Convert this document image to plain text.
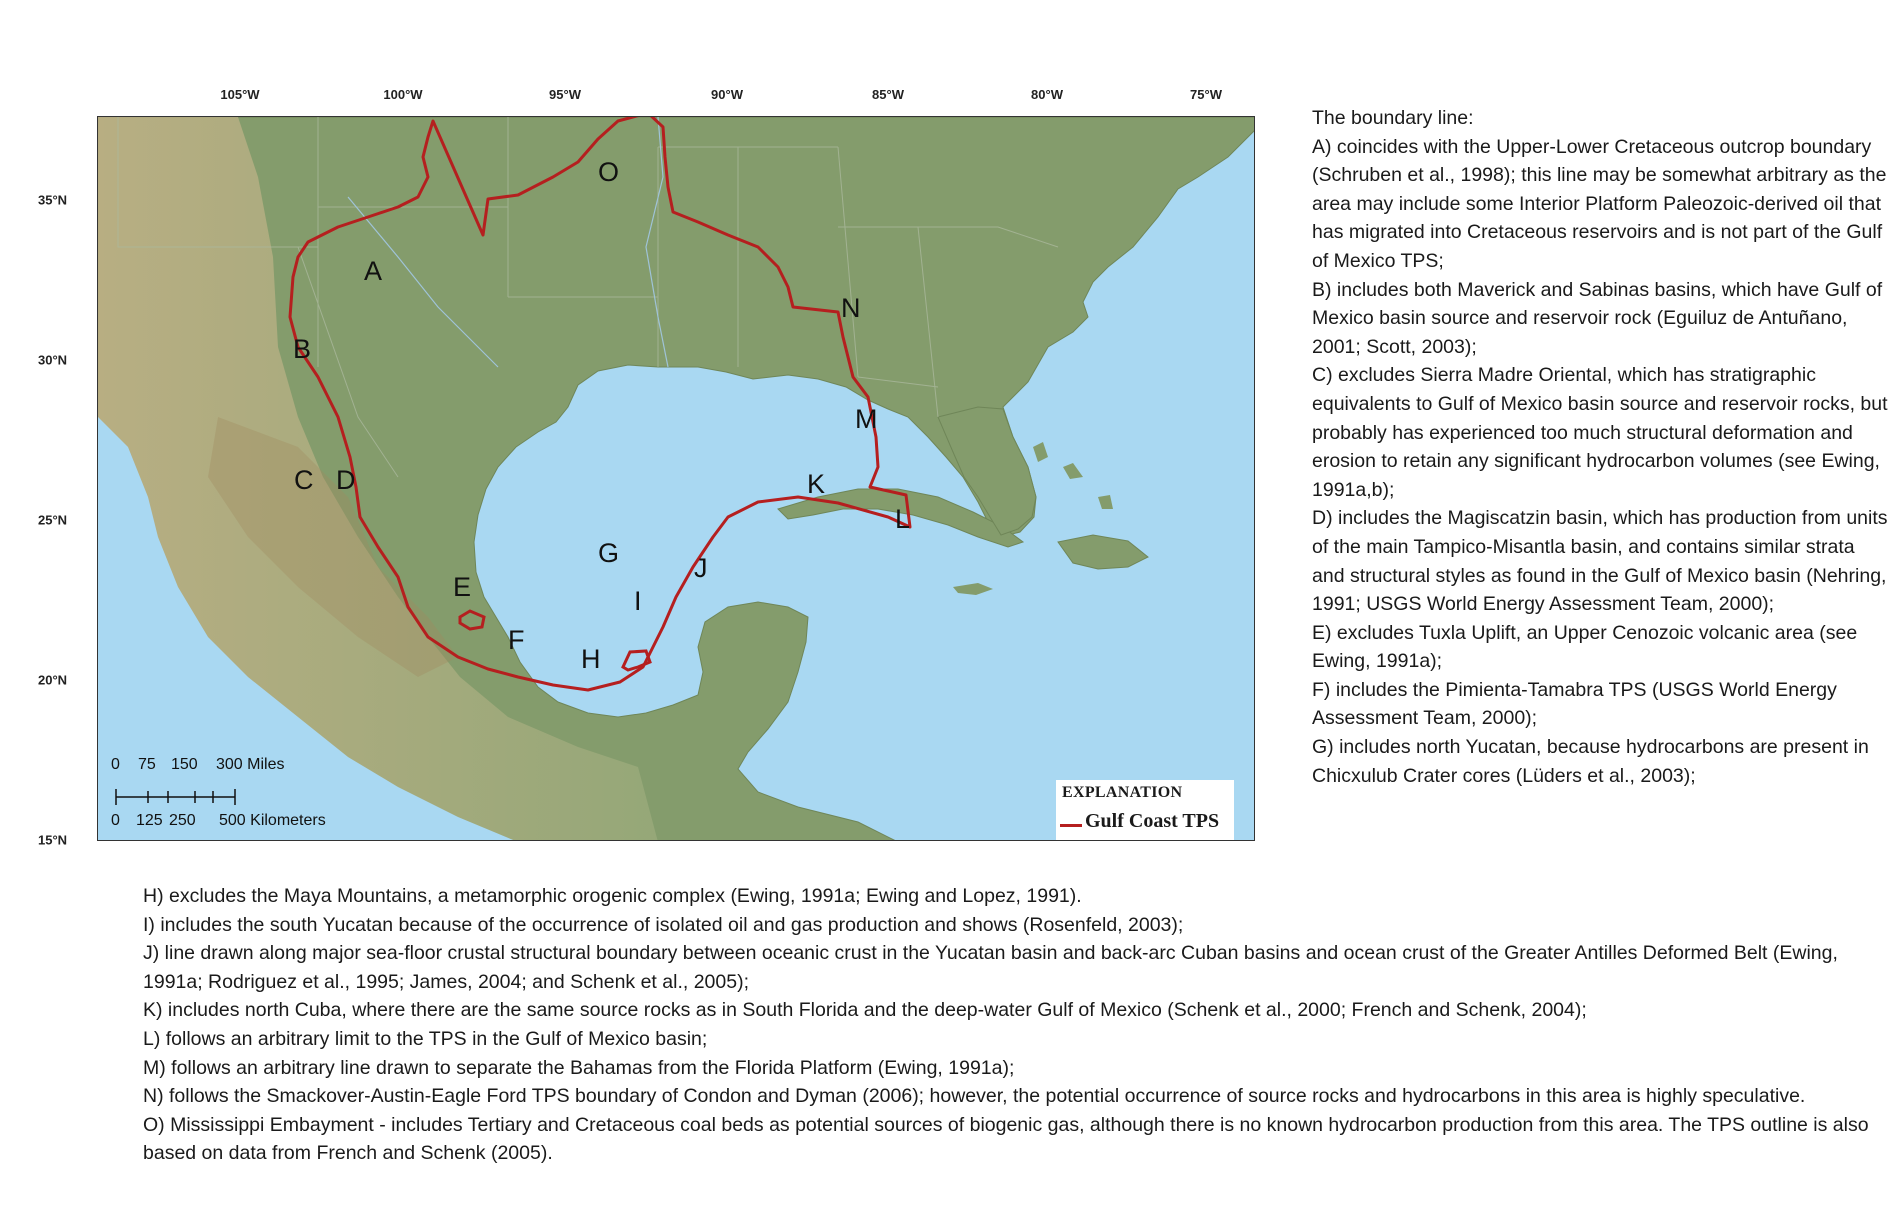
105°W	100°W	95°W	90°W	85°W	80°W	75°W
35°N
30°N
25°N
20°N
15°N
A
B
C D
E
F
G
H
I
J
K
L
M
N
O
0 75 150 300 Miles
0 125 250 500 Kilometers
EXPLANATION
Gulf Coast TPS
The boundary line:
A) coincides with the Upper-Lower Cretaceous outcrop boundary (Schruben et al., 1998); this line may be somewhat arbitrary as the area may include some Interior Platform Paleozoic-derived oil that has migrated into Cretaceous reservoirs and is not part of the Gulf of Mexico TPS;
B) includes both Maverick and Sabinas basins, which have Gulf of Mexico basin source and reservoir rock (Eguiluz de Antuñano, 2001; Scott, 2003);
C) excludes Sierra Madre Oriental, which has stratigraphic equivalents to Gulf of Mexico basin source and reservoir rocks, but probably has experienced too much structural deformation and erosion to retain any significant hydrocarbon volumes (see Ewing, 1991a,b);
D) includes the Magiscatzin basin, which has production from units of the main Tampico-Misantla basin, and contains similar strata and structural styles as found in the Gulf of Mexico basin (Nehring, 1991; USGS World Energy Assessment Team, 2000);
E) excludes Tuxla Uplift, an Upper Cenozoic volcanic area (see Ewing, 1991a);
F) includes the Pimienta-Tamabra TPS (USGS World Energy Assessment Team, 2000);
G) includes north Yucatan, because hydrocarbons are present in Chicxulub Crater cores (Lüders et al., 2003);
H) excludes the Maya Mountains, a metamorphic orogenic complex (Ewing, 1991a; Ewing and Lopez, 1991).
I) includes the south Yucatan because of the occurrence of isolated oil and gas production and shows (Rosenfeld, 2003);
J) line drawn along major sea-floor crustal structural boundary between oceanic crust in the Yucatan basin and back-arc Cuban basins and ocean crust of the Greater Antilles Deformed Belt (Ewing, 1991a; Rodriguez et al., 1995; James, 2004; and Schenk et al., 2005);
K) includes north Cuba, where there are the same source rocks as in South Florida and the deep-water Gulf of Mexico (Schenk et al., 2000; French and Schenk, 2004);
L) follows an arbitrary limit to the TPS in the Gulf of Mexico basin;
M) follows an arbitrary line drawn to separate the Bahamas from the Florida Platform (Ewing, 1991a);
N) follows the Smackover-Austin-Eagle Ford TPS boundary of Condon and Dyman (2006); however, the potential occurrence of source rocks and hydrocarbons in this area is highly speculative.
O) Mississippi Embayment - includes Tertiary and Cretaceous coal beds as potential sources of biogenic gas, although there is no known hydrocarbon production from this area. The TPS outline is also based on data from French and Schenk (2005).
